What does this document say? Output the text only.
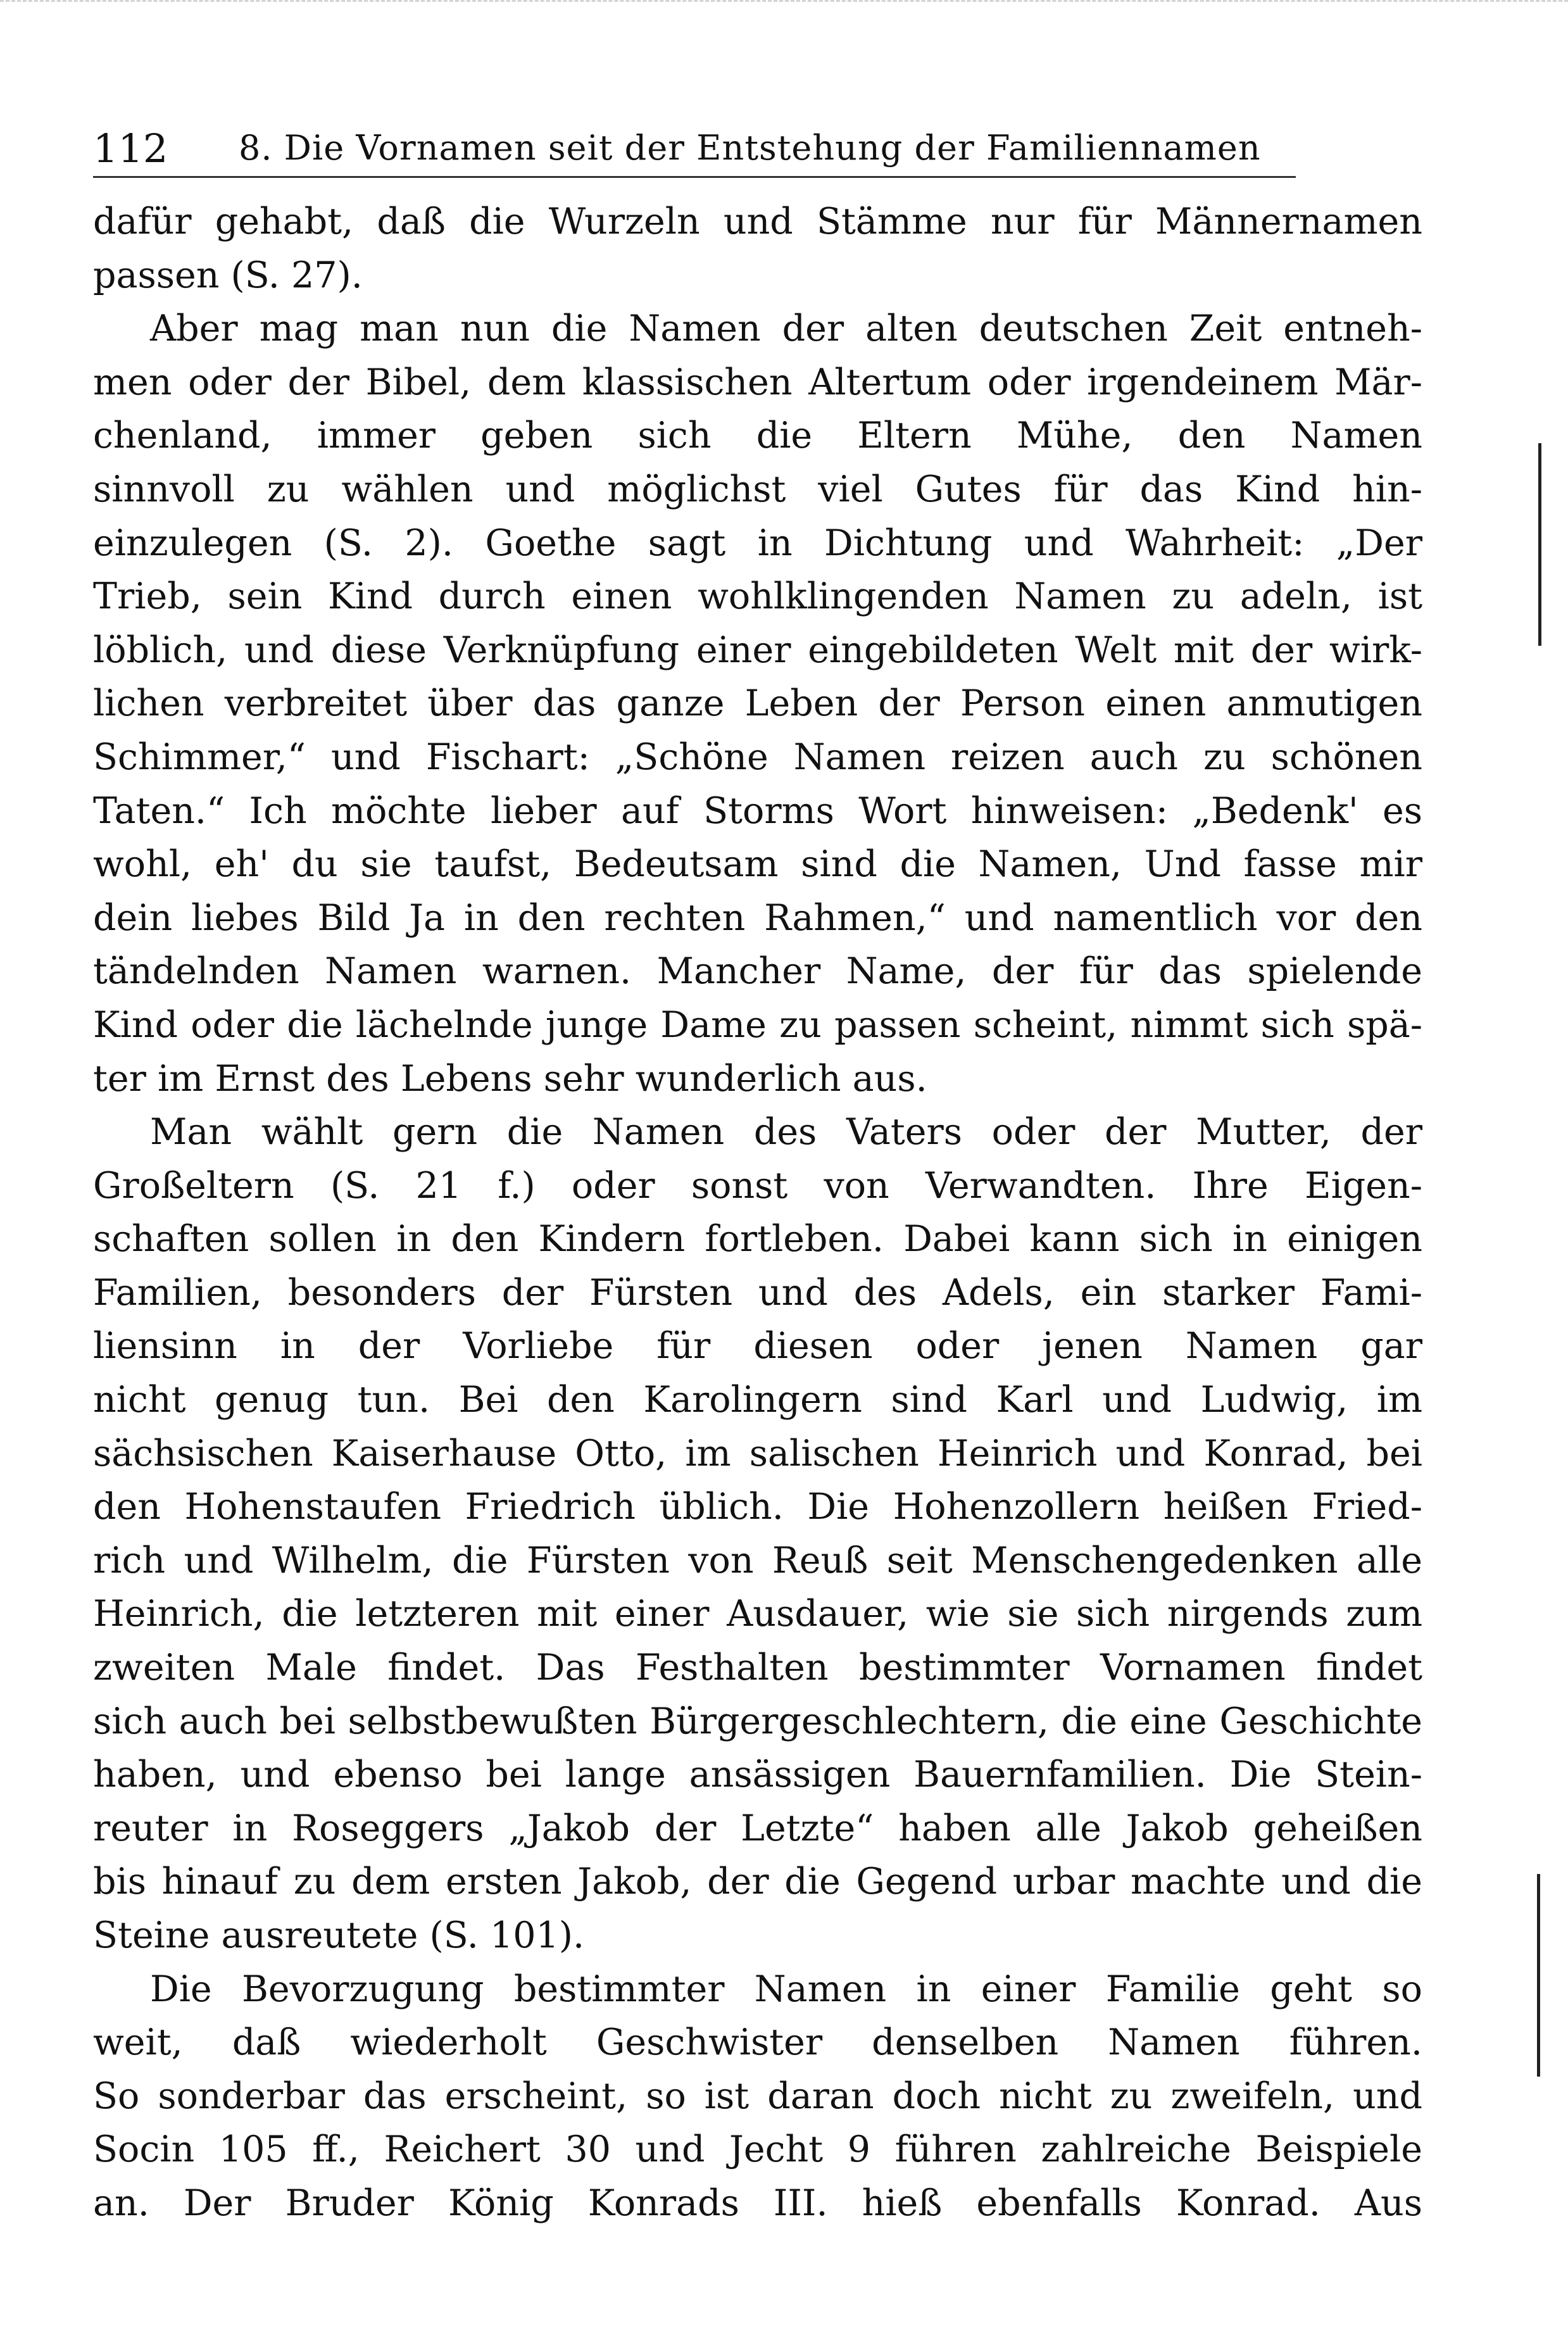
112 8. Die Vornamen seit der Entstehung der Familiennamen
dafür gehabt, daß die Wurzeln und Stämme nur für Männernamen
passen (S. 27).
Aber mag man nun die Namen der alten deutschen Zeit entneh-
men oder der Bibel, dem klassischen Altertum oder irgendeinem Mär-
chenland, immer geben sich die Eltern Mühe, den Namen
sinnvoll zu wählen und möglichst viel Gutes für das Kind hin-
einzulegen (S. 2). Goethe sagt in Dichtung und Wahrheit: „Der
Trieb, sein Kind durch einen wohlklingenden Namen zu adeln, ist
löblich, und diese Verknüpfung einer eingebildeten Welt mit der wirk-
lichen verbreitet über das ganze Leben der Person einen anmutigen
Schimmer,“ und Fischart: „Schöne Namen reizen auch zu schönen
Taten.“ Ich möchte lieber auf Storms Wort hinweisen: „Bedenk' es
wohl, eh' du sie taufst, Bedeutsam sind die Namen, Und fasse mir
dein liebes Bild Ja in den rechten Rahmen,“ und namentlich vor den
tändelnden Namen warnen. Mancher Name, der für das spielende
Kind oder die lächelnde junge Dame zu passen scheint, nimmt sich spä-
ter im Ernst des Lebens sehr wunderlich aus.
Man wählt gern die Namen des Vaters oder der Mutter, der
Großeltern (S. 21 f.) oder sonst von Verwandten. Ihre Eigen-
schaften sollen in den Kindern fortleben. Dabei kann sich in einigen
Familien, besonders der Fürsten und des Adels, ein starker Fami-
liensinn in der Vorliebe für diesen oder jenen Namen gar
nicht genug tun. Bei den Karolingern sind Karl und Ludwig, im
sächsischen Kaiserhause Otto, im salischen Heinrich und Konrad, bei
den Hohenstaufen Friedrich üblich. Die Hohenzollern heißen Fried-
rich und Wilhelm, die Fürsten von Reuß seit Menschengedenken alle
Heinrich, die letzteren mit einer Ausdauer, wie sie sich nirgends zum
zweiten Male findet. Das Festhalten bestimmter Vornamen findet
sich auch bei selbstbewußten Bürgergeschlechtern, die eine Geschichte
haben, und ebenso bei lange ansässigen Bauernfamilien. Die Stein-
reuter in Roseggers „Jakob der Letzte“ haben alle Jakob geheißen
bis hinauf zu dem ersten Jakob, der die Gegend urbar machte und die
Steine ausreutete (S. 101).
Die Bevorzugung bestimmter Namen in einer Familie geht so
weit, daß wiederholt Geschwister denselben Namen führen.
So sonderbar das erscheint, so ist daran doch nicht zu zweifeln, und
Socin 105 ff., Reichert 30 und Jecht 9 führen zahlreiche Beispiele
an. Der Bruder König Konrads III. hieß ebenfalls Konrad. Aus
